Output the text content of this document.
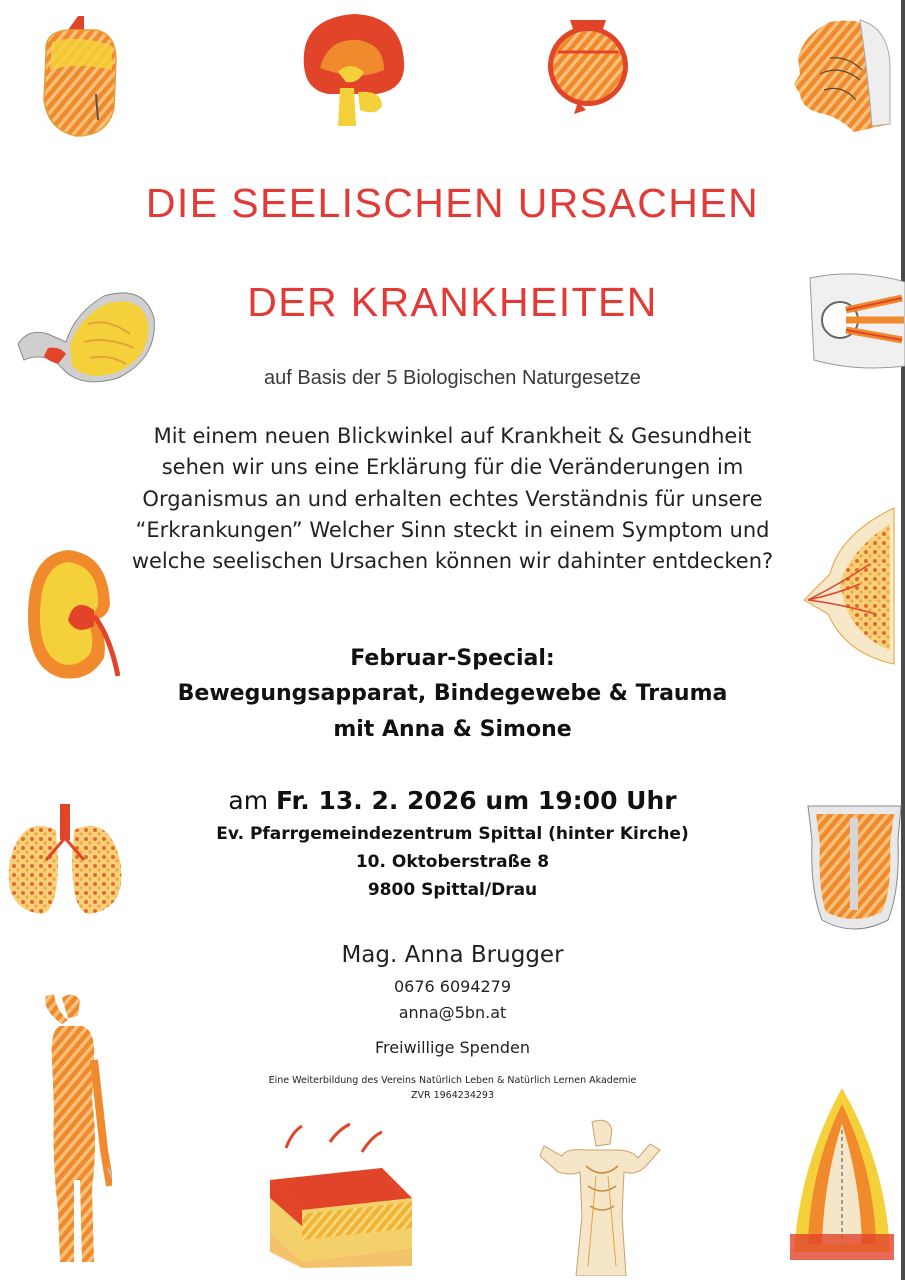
DIE SEELISCHEN URSACHEN
DER KRANKHEITEN
auf Basis der 5 Biologischen Naturgesetze
Mit einem neuen Blickwinkel auf Krankheit & Gesundheit sehen wir uns eine Erklärung für die Veränderungen im Organismus an und erhalten echtes Verständnis für unsere “Erkrankungen” Welcher Sinn steckt in einem Symptom und welche seelischen Ursachen können wir dahinter entdecken?
Februar-Special:
Bewegungsapparat, Bindegewebe & Trauma
mit Anna & Simone
am Fr. 13. 2. 2026 um 19:00 Uhr
Ev. Pfarrgemeindezentrum Spittal (hinter Kirche)
10. Oktoberstraße 8
9800 Spittal/Drau
Mag. Anna Brugger
0676 6094279
anna@5bn.at
Freiwillige Spenden
Eine Weiterbildung des Vereins Natürlich Leben & Natürlich Lernen Akademie
ZVR 1964234293
